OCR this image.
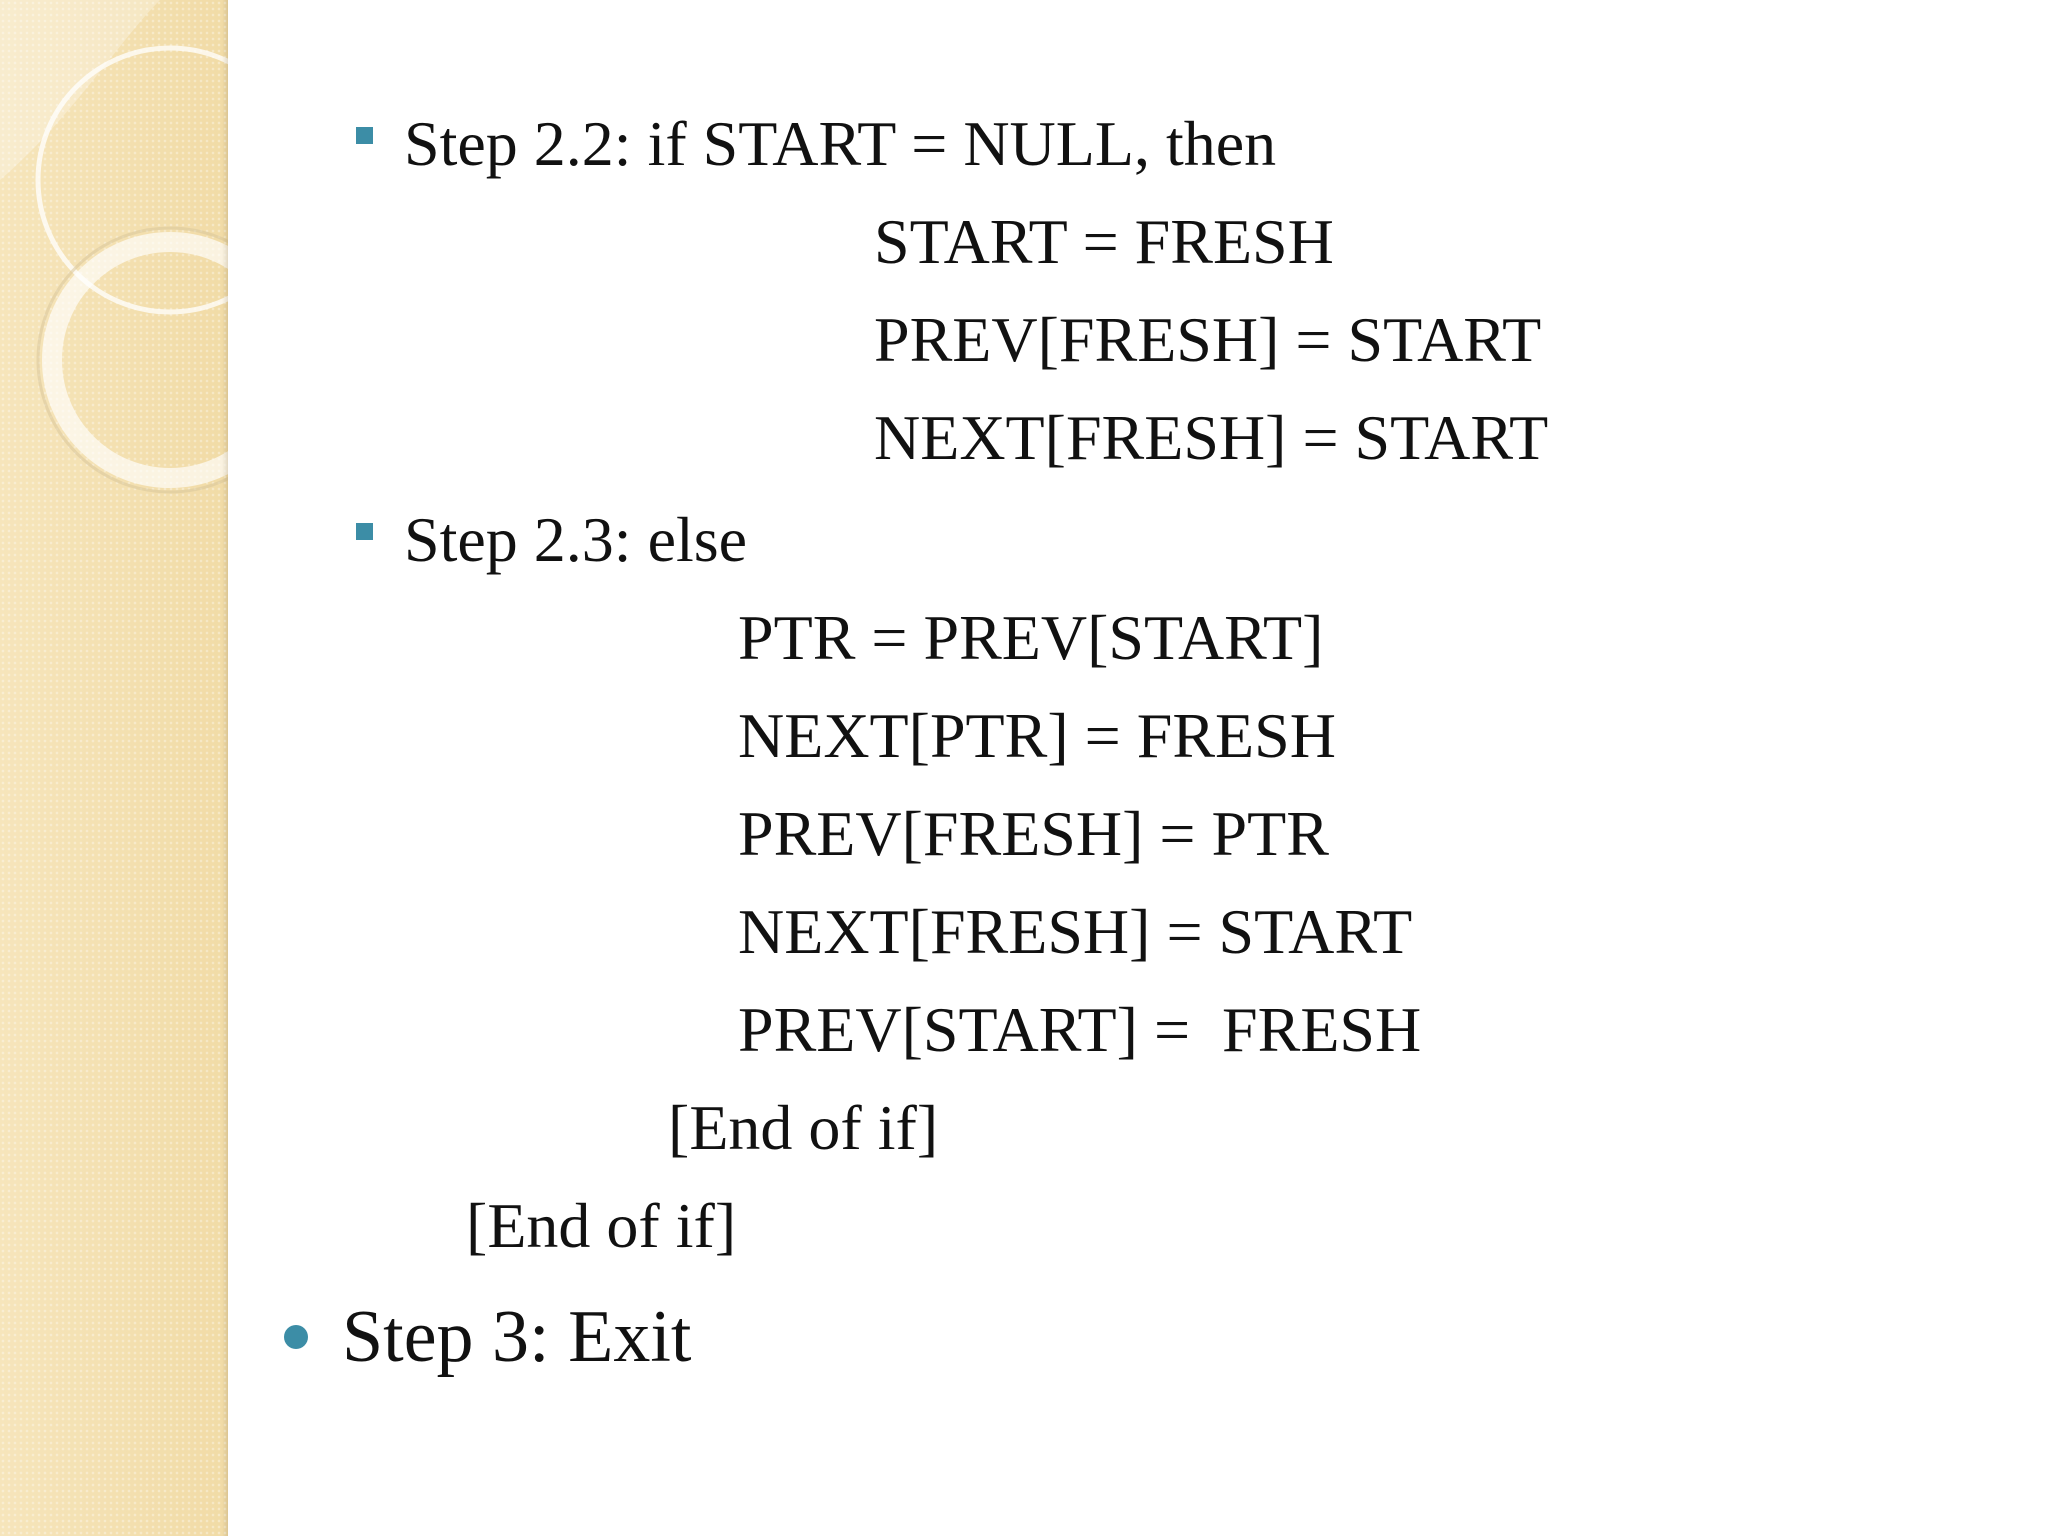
Step 2.2: if START = NULL, then
START = FRESH
PREV[FRESH] = START
NEXT[FRESH] = START
Step 2.3: else
PTR = PREV[START]
NEXT[PTR] = FRESH
PREV[FRESH] = PTR
NEXT[FRESH] = START
PREV[START] =  FRESH
[End of if]
[End of if]
Step 3: Exit
